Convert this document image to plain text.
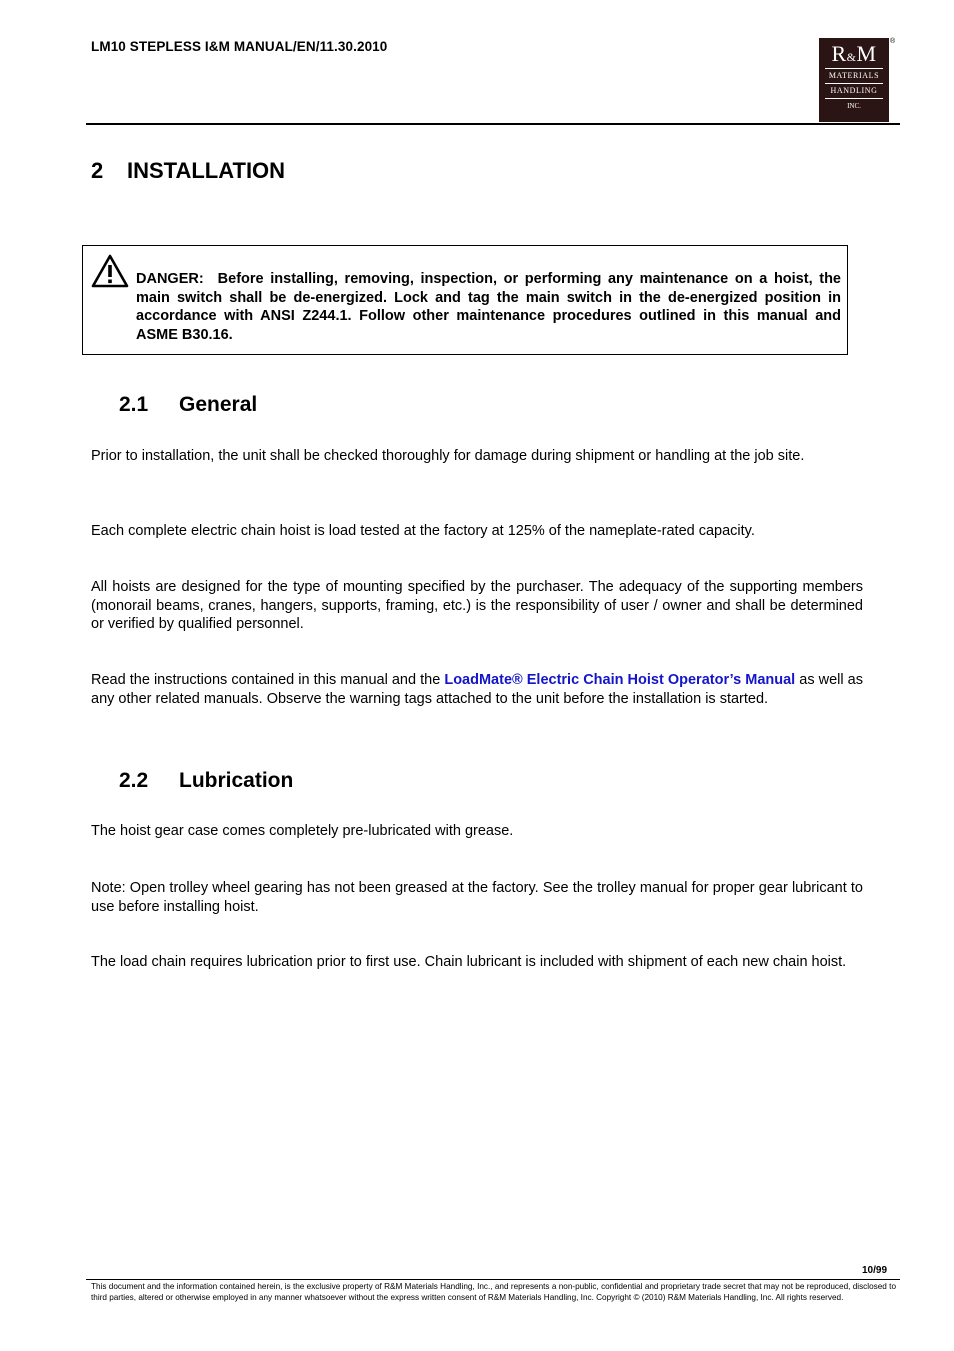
LM10 STEPLESS I&M MANUAL/EN/11.30.2010	R&M
MATERIALS
HANDLING
INC.
®
2 INSTALLATION
DANGER: Before installing, removing, inspection, or performing any maintenance on a hoist, the main switch shall be de-energized. Lock and tag the main switch in the de-energized position in accordance with ANSI Z244.1. Follow other maintenance procedures outlined in this manual and ASME B30.16.
2.1 General
Prior to installation, the unit shall be checked thoroughly for damage during shipment or handling at the job site.
Each complete electric chain hoist is load tested at the factory at 125% of the nameplate-rated capacity.
All hoists are designed for the type of mounting specified by the purchaser. The adequacy of the supporting members (monorail beams, cranes, hangers, supports, framing, etc.) is the responsibility of user / owner and shall be determined or verified by qualified personnel.
Read the instructions contained in this manual and the LoadMate® Electric Chain Hoist Operator’s Manual as well as any other related manuals. Observe the warning tags attached to the unit before the installation is started.
2.2 Lubrication
The hoist gear case comes completely pre-lubricated with grease.
Note: Open trolley wheel gearing has not been greased at the factory. See the trolley manual for proper gear lubricant to use before installing hoist.
The load chain requires lubrication prior to first use. Chain lubricant is included with shipment of each new chain hoist.
10/99
This document and the information contained herein, is the exclusive property of R&M Materials Handling, Inc., and represents a non-public, confidential and proprietary trade secret that may not be reproduced, disclosed to third parties, altered or otherwise employed in any manner whatsoever without the express written consent of R&M Materials Handling, Inc. Copyright © (2010) R&M Materials Handling, Inc. All rights reserved.
